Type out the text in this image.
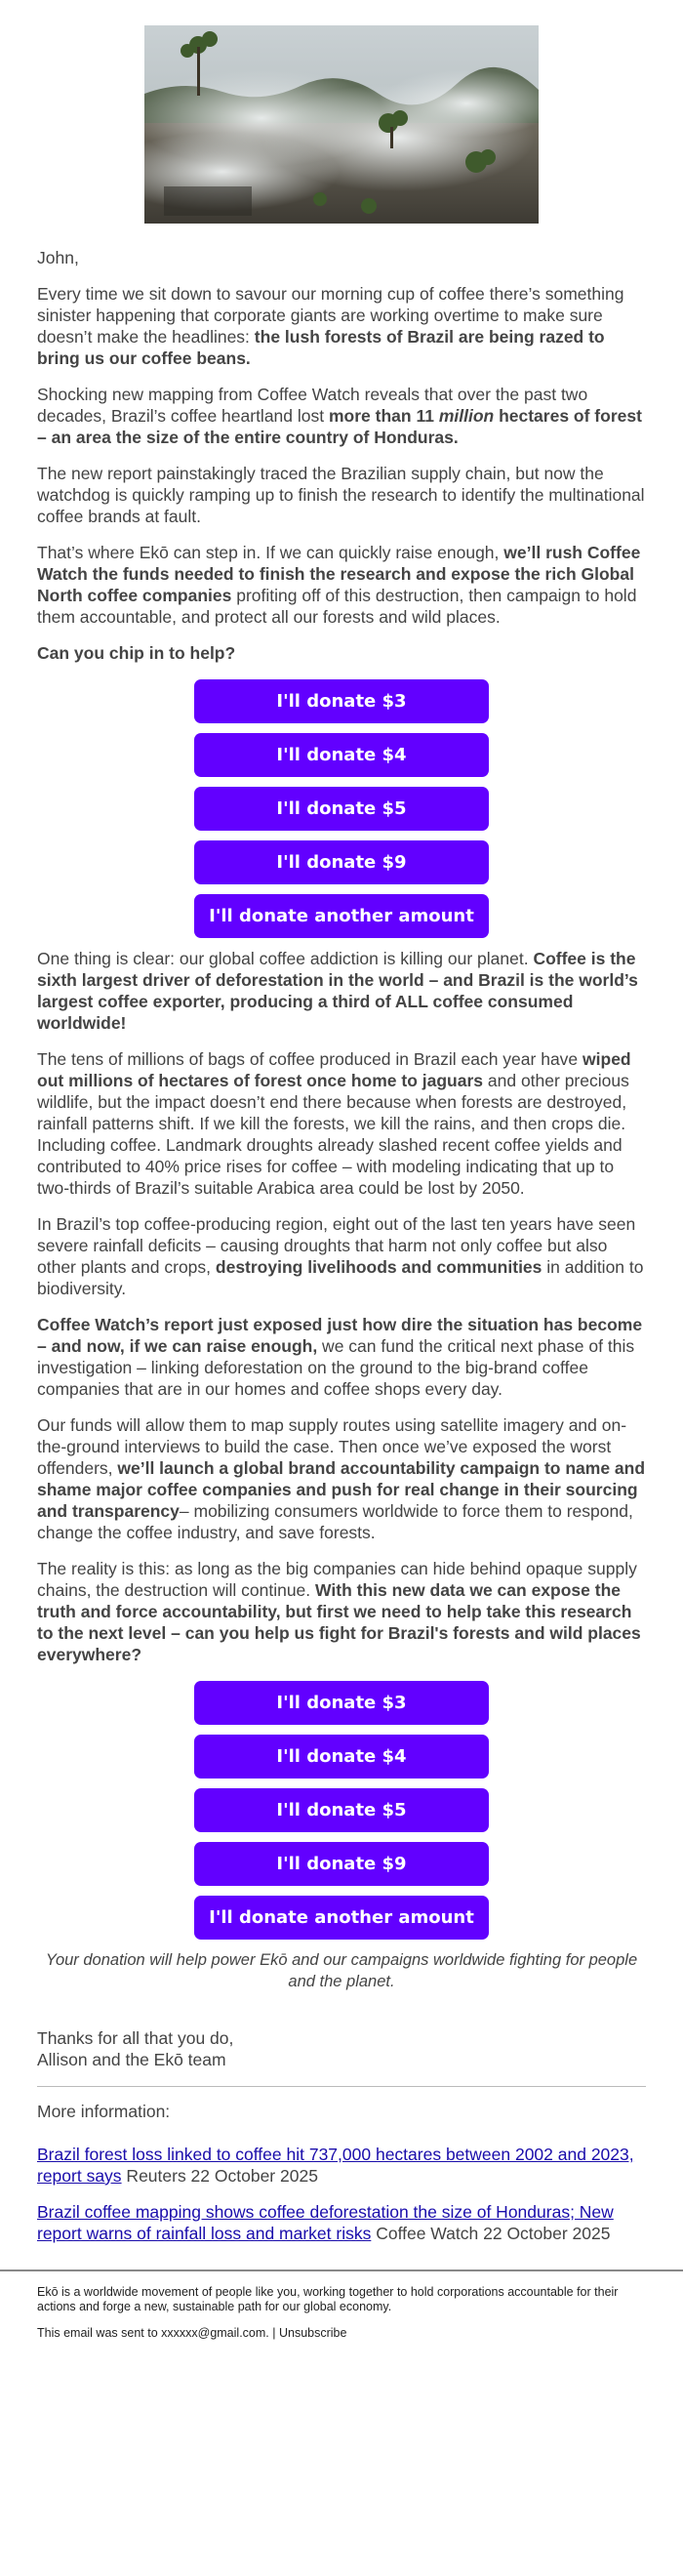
John,

Every time we sit down to savour our morning cup of coffee there’s something sinister happening that corporate giants are working overtime to make sure doesn’t make the headlines: the lush forests of Brazil are being razed to bring us our coffee beans.

Shocking new mapping from Coffee Watch reveals that over the past two decades, Brazil’s coffee heartland lost more than 11 million hectares of forest – an area the size of the entire country of Honduras.

The new report painstakingly traced the Brazilian supply chain, but now the watchdog is quickly ramping up to finish the research to identify the multinational coffee brands at fault.

That’s where Ekō can step in. If we can quickly raise enough, we’ll rush Coffee Watch the funds needed to finish the research and expose the rich Global North coffee companies profiting off of this destruction, then campaign to hold them accountable, and protect all our forests and wild places.

Can you chip in to help?

I'll donate $3
I'll donate $4
I'll donate $5
I'll donate $9
I'll donate another amount

One thing is clear: our global coffee addiction is killing our planet. Coffee is the sixth largest driver of deforestation in the world – and Brazil is the world’s largest coffee exporter, producing a third of ALL coffee consumed worldwide!

The tens of millions of bags of coffee produced in Brazil each year have wiped out millions of hectares of forest once home to jaguars and other precious wildlife, but the impact doesn’t end there because when forests are destroyed, rainfall patterns shift. If we kill the forests, we kill the rains, and then crops die. Including coffee. Landmark droughts already slashed recent coffee yields and contributed to 40% price rises for coffee – with modeling indicating that up to two-thirds of Brazil’s suitable Arabica area could be lost by 2050.

In Brazil’s top coffee-producing region, eight out of the last ten years have seen severe rainfall deficits – causing droughts that harm not only coffee but also other plants and crops, destroying livelihoods and communities in addition to biodiversity.

Coffee Watch’s report just exposed just how dire the situation has become – and now, if we can raise enough, we can fund the critical next phase of this investigation – linking deforestation on the ground to the big-brand coffee companies that are in our homes and coffee shops every day.

Our funds will allow them to map supply routes using satellite imagery and on-the-ground interviews to build the case. Then once we’ve exposed the worst offenders, we’ll launch a global brand accountability campaign to name and shame major coffee companies and push for real change in their sourcing and transparency– mobilizing consumers worldwide to force them to respond, change the coffee industry, and save forests.

The reality is this: as long as the big companies can hide behind opaque supply chains, the destruction will continue. With this new data we can expose the truth and force accountability, but first we need to help take this research to the next level – can you help us fight for Brazil's forests and wild places everywhere?

I'll donate $3
I'll donate $4
I'll donate $5
I'll donate $9
I'll donate another amount

Your donation will help power Ekō and our campaigns worldwide fighting for people and the planet.

Thanks for all that you do,

Allison and the Ekō team

More information:

Brazil forest loss linked to coffee hit 737,000 hectares between 2002 and 2023, report says Reuters 22 October 2025

Brazil coffee mapping shows coffee deforestation the size of Honduras; New report warns of rainfall loss and market risks Coffee Watch 22 October 2025

Ekō is a worldwide movement of people like you, working together to hold corporations accountable for their actions and forge a new, sustainable path for our global economy.

This email was sent to xxxxxx@gmail.com. | Unsubscribe
